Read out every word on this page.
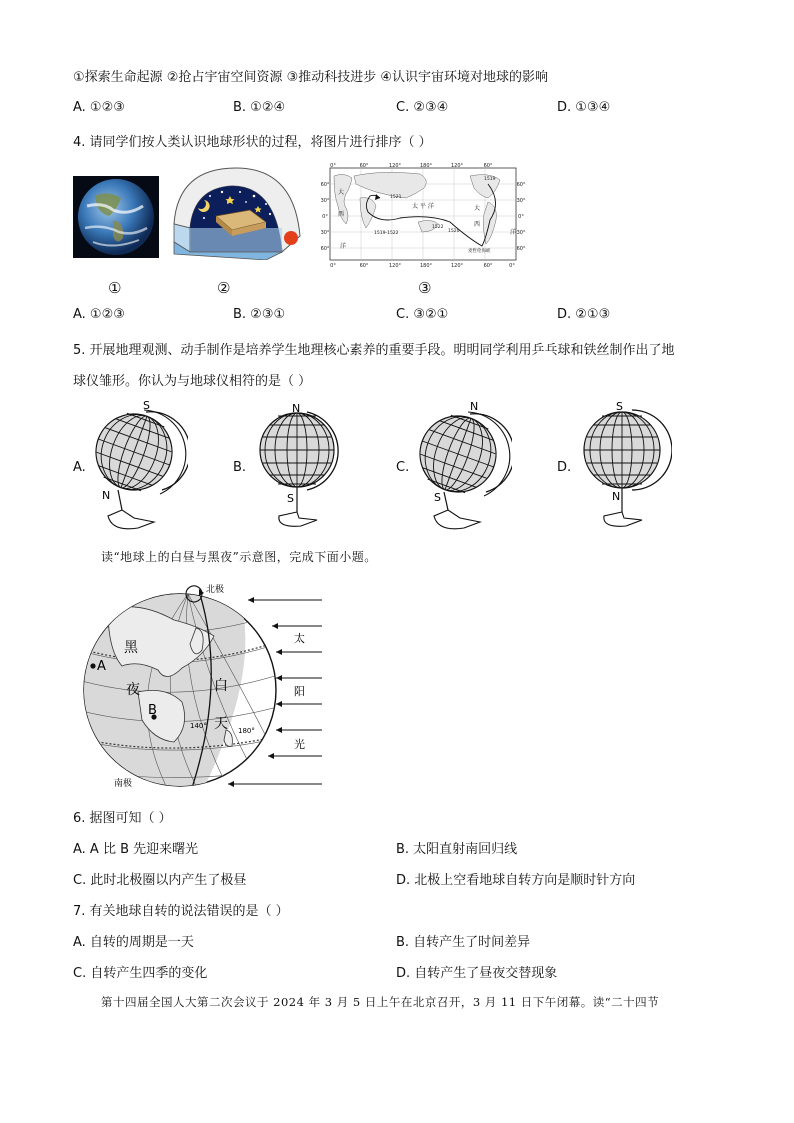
①探索生命起源 ②抢占宇宙空间资源 ③推动科技进步 ④认识宇宙环境对地球的影响
A. ①②③	B. ①②④	C. ②③④	D. ①③④
4. 请同学们按人类认识地球形状的过程，将图片进行排序（ ）
0°	60°	120°	180°	120°	60°
0°	60°	120°	180°	120°	60°	0°
60°
30°
0°
30°
60°
60°
30°
0°
30°
60°
大
西
洋
太 平 洋	大
西
洋
1519-1522
1519
1521
1520
1522
麦哲伦海峡
①	②	③
A. ①②③	B. ②③①	C. ③②①	D. ②①③
5. 开展地理观测、动手制作是培养学生地理核心素养的重要手段。明明同学利用乒乓球和铁丝制作出了地
球仪雏形。你认为与地球仪相符的是（ ）
A.	B.	C.	D.
S
N
N
S
N
S
S
N
读“地球上的白昼与黑夜”示意图，完成下面小题。
北极
南极
黑
夜	白
天
太
阳
光
A
B
140°
180°
6. 据图可知（ ）
A. A 比 B 先迎来曙光	B. 太阳直射南回归线
C. 此时北极圈以内产生了极昼	D. 北极上空看地球自转方向是顺时针方向
7. 有关地球自转的说法错误的是（ ）
A. 自转的周期是一天	B. 自转产生了时间差异
C. 自转产生四季的变化	D. 自转产生了昼夜交替现象
第十四届全国人大第二次会议于 2024 年 3 月 5 日上午在北京召开，3 月 11 日下午闭幕。读“二十四节
